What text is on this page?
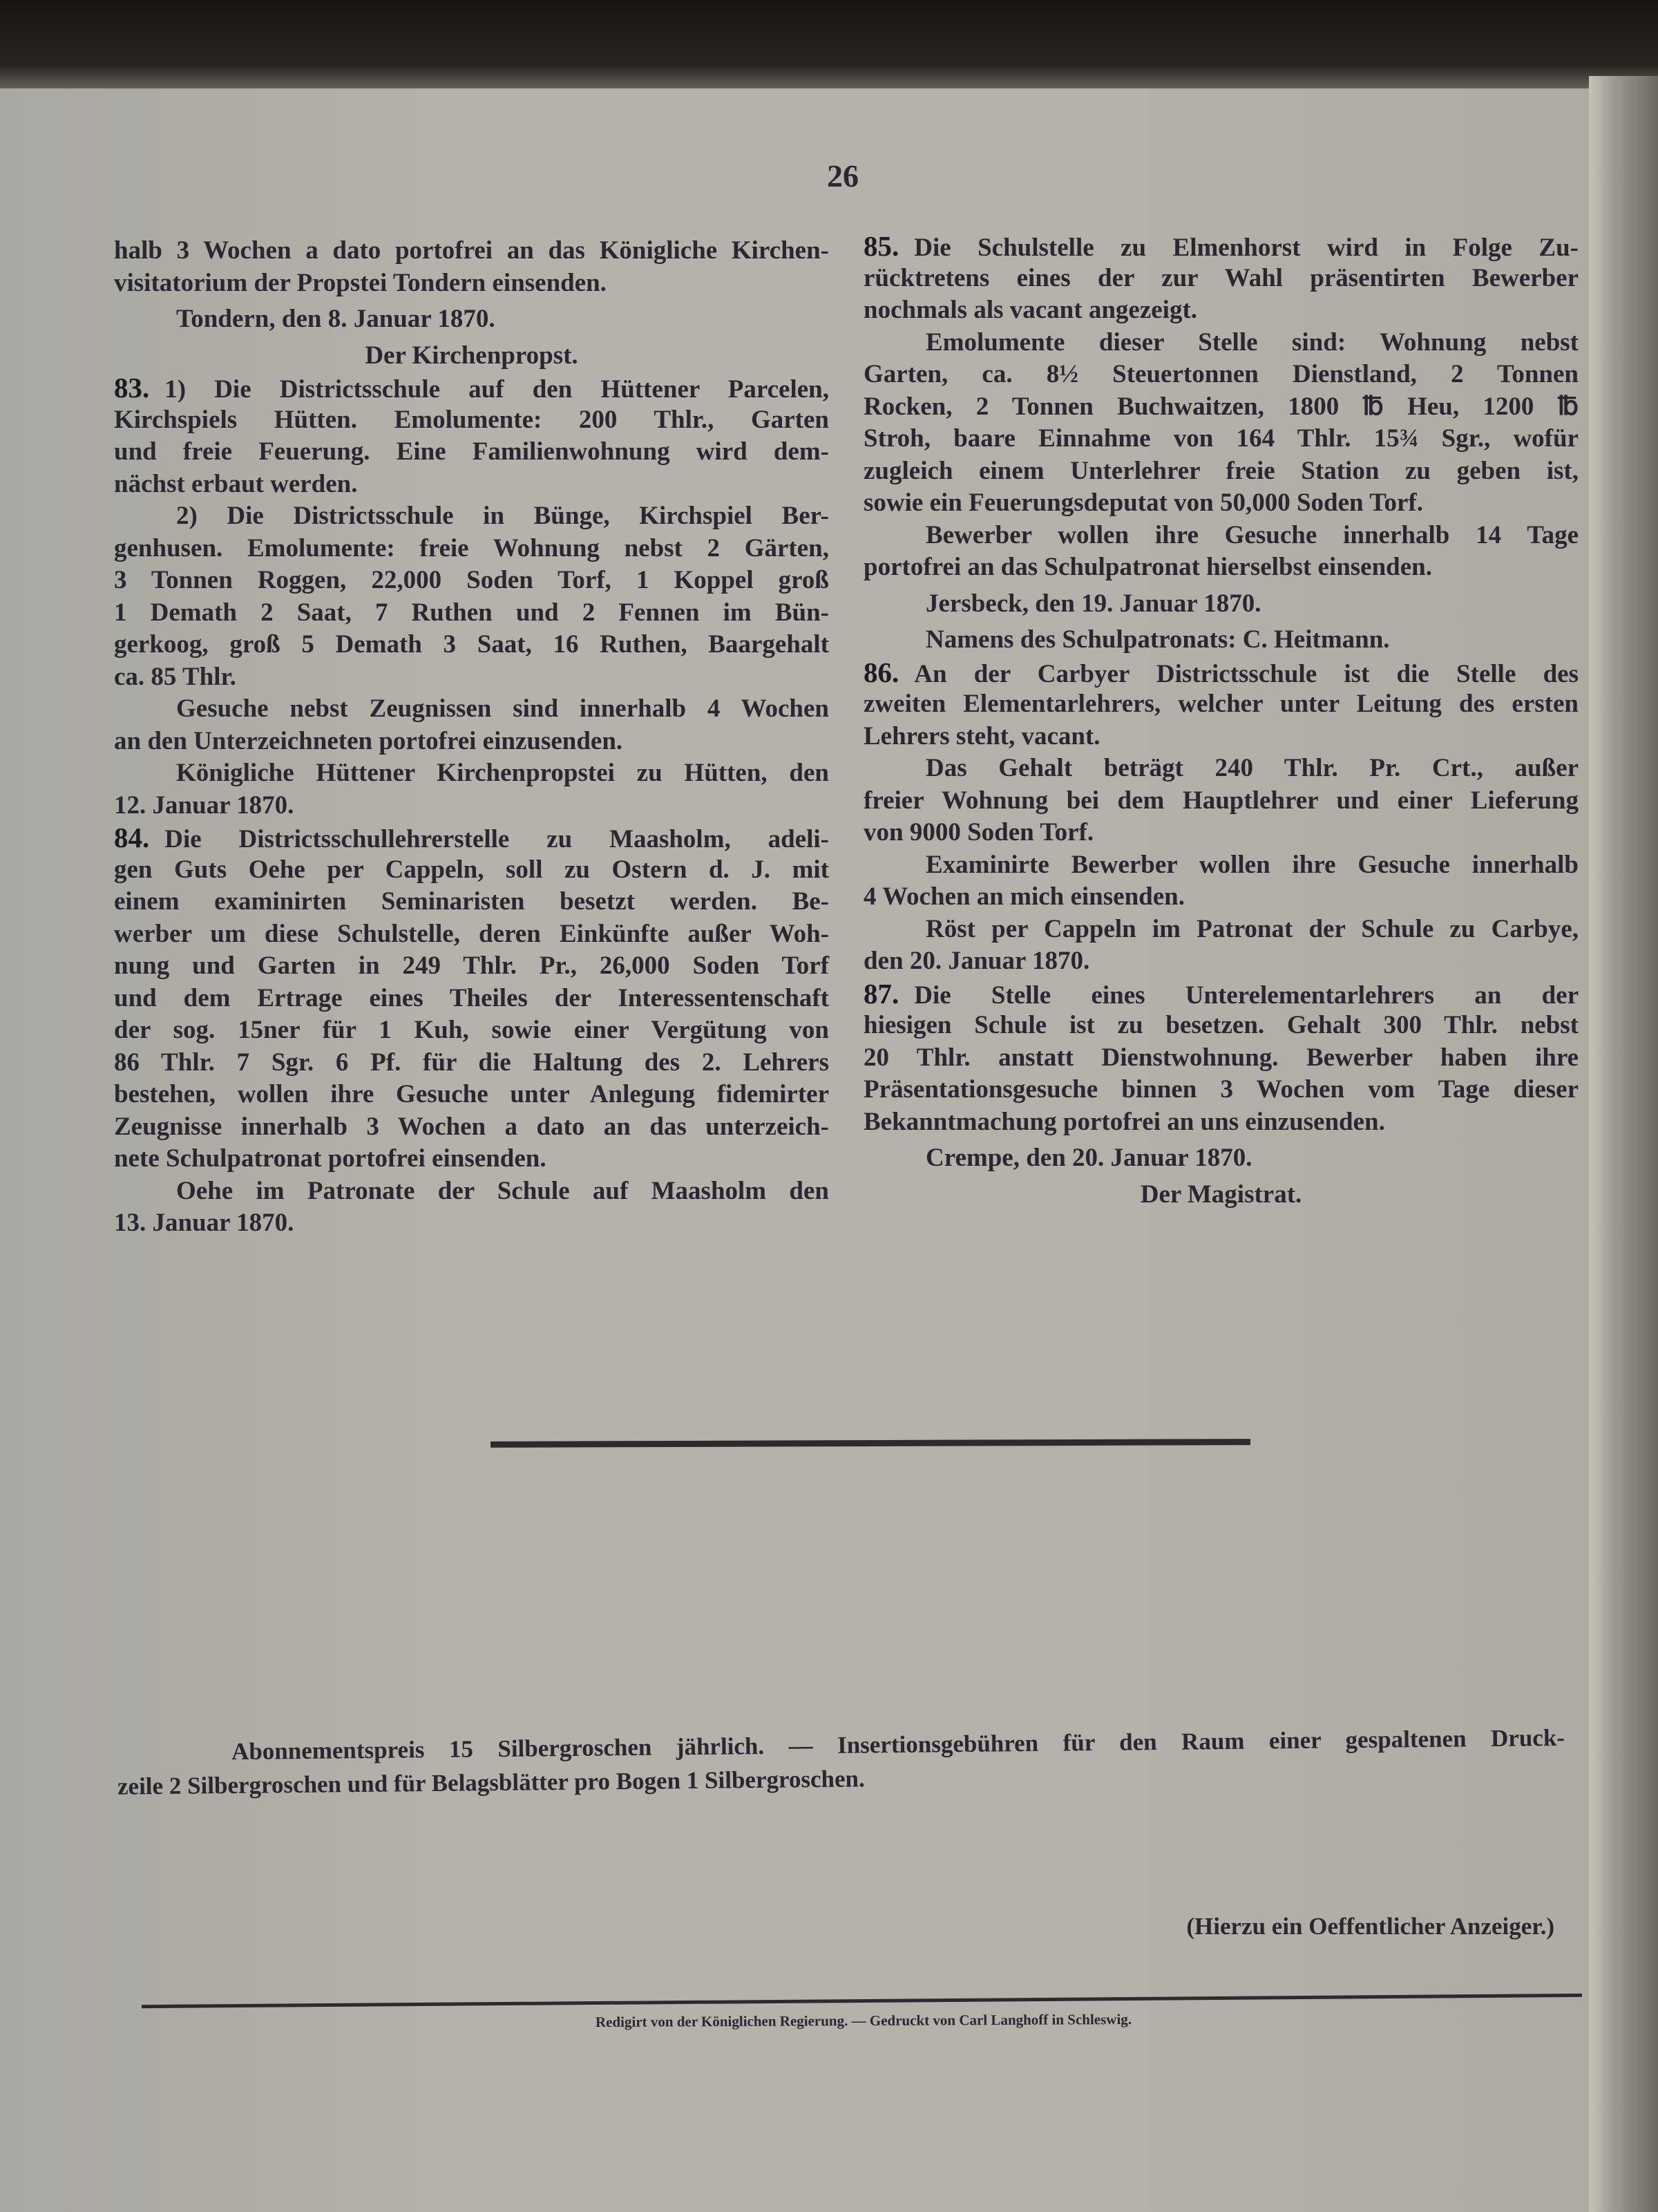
26
halb 3 Wochen a dato portofrei an das Königliche Kirchen-
visitatorium der Propstei Tondern einsenden.
Tondern, den 8. Januar 1870.
Der Kirchenpropst.
83. 1) Die Districtsschule auf den Hüttener Parcelen,
Kirchspiels Hütten. Emolumente: 200 Thlr., Garten
und freie Feuerung. Eine Familienwohnung wird dem-
nächst erbaut werden.
2) Die Districtsschule in Bünge, Kirchspiel Ber-
genhusen. Emolumente: freie Wohnung nebst 2 Gärten,
3 Tonnen Roggen, 22,000 Soden Torf, 1 Koppel groß
1 Demath 2 Saat, 7 Ruthen und 2 Fennen im Bün-
gerkoog, groß 5 Demath 3 Saat, 16 Ruthen, Baargehalt
ca. 85 Thlr.
Gesuche nebst Zeugnissen sind innerhalb 4 Wochen
an den Unterzeichneten portofrei einzusenden.
Königliche Hüttener Kirchenpropstei zu Hütten, den
12. Januar 1870.
84. Die Districtsschullehrerstelle zu Maasholm, adeli-
gen Guts Oehe per Cappeln, soll zu Ostern d. J. mit
einem examinirten Seminaristen besetzt werden. Be-
werber um diese Schulstelle, deren Einkünfte außer Woh-
nung und Garten in 249 Thlr. Pr., 26,000 Soden Torf
und dem Ertrage eines Theiles der Interessentenschaft
der sog. 15ner für 1 Kuh, sowie einer Vergütung von
86 Thlr. 7 Sgr. 6 Pf. für die Haltung des 2. Lehrers
bestehen, wollen ihre Gesuche unter Anlegung fidemirter
Zeugnisse innerhalb 3 Wochen a dato an das unterzeich-
nete Schulpatronat portofrei einsenden.
Oehe im Patronate der Schule auf Maasholm den
13. Januar 1870.
85. Die Schulstelle zu Elmenhorst wird in Folge Zu-
rücktretens eines der zur Wahl präsentirten Bewerber
nochmals als vacant angezeigt.
Emolumente dieser Stelle sind: Wohnung nebst
Garten, ca. 8½ Steuertonnen Dienstland, 2 Tonnen
Rocken, 2 Tonnen Buchwaitzen, 1800 ℔ Heu, 1200 ℔
Stroh, baare Einnahme von 164 Thlr. 15¾ Sgr., wofür
zugleich einem Unterlehrer freie Station zu geben ist,
sowie ein Feuerungsdeputat von 50,000 Soden Torf.
Bewerber wollen ihre Gesuche innerhalb 14 Tage
portofrei an das Schulpatronat hierselbst einsenden.
Jersbeck, den 19. Januar 1870.
Namens des Schulpatronats: C. Heitmann.
86. An der Carbyer Districtsschule ist die Stelle des
zweiten Elementarlehrers, welcher unter Leitung des ersten
Lehrers steht, vacant.
Das Gehalt beträgt 240 Thlr. Pr. Crt., außer
freier Wohnung bei dem Hauptlehrer und einer Lieferung
von 9000 Soden Torf.
Examinirte Bewerber wollen ihre Gesuche innerhalb
4 Wochen an mich einsenden.
Röst per Cappeln im Patronat der Schule zu Carbye,
den 20. Januar 1870.
87. Die Stelle eines Unterelementarlehrers an der
hiesigen Schule ist zu besetzen. Gehalt 300 Thlr. nebst
20 Thlr. anstatt Dienstwohnung. Bewerber haben ihre
Präsentationsgesuche binnen 3 Wochen vom Tage dieser
Bekanntmachung portofrei an uns einzusenden.
Crempe, den 20. Januar 1870.
Der Magistrat.
Abonnementspreis 15 Silbergroschen jährlich. — Insertionsgebühren für den Raum einer gespaltenen Druck-
zeile 2 Silbergroschen und für Belagsblätter pro Bogen 1 Silbergroschen.
(Hierzu ein Oeffentlicher Anzeiger.)
Redigirt von der Königlichen Regierung. — Gedruckt von Carl Langhoff in Schleswig.
